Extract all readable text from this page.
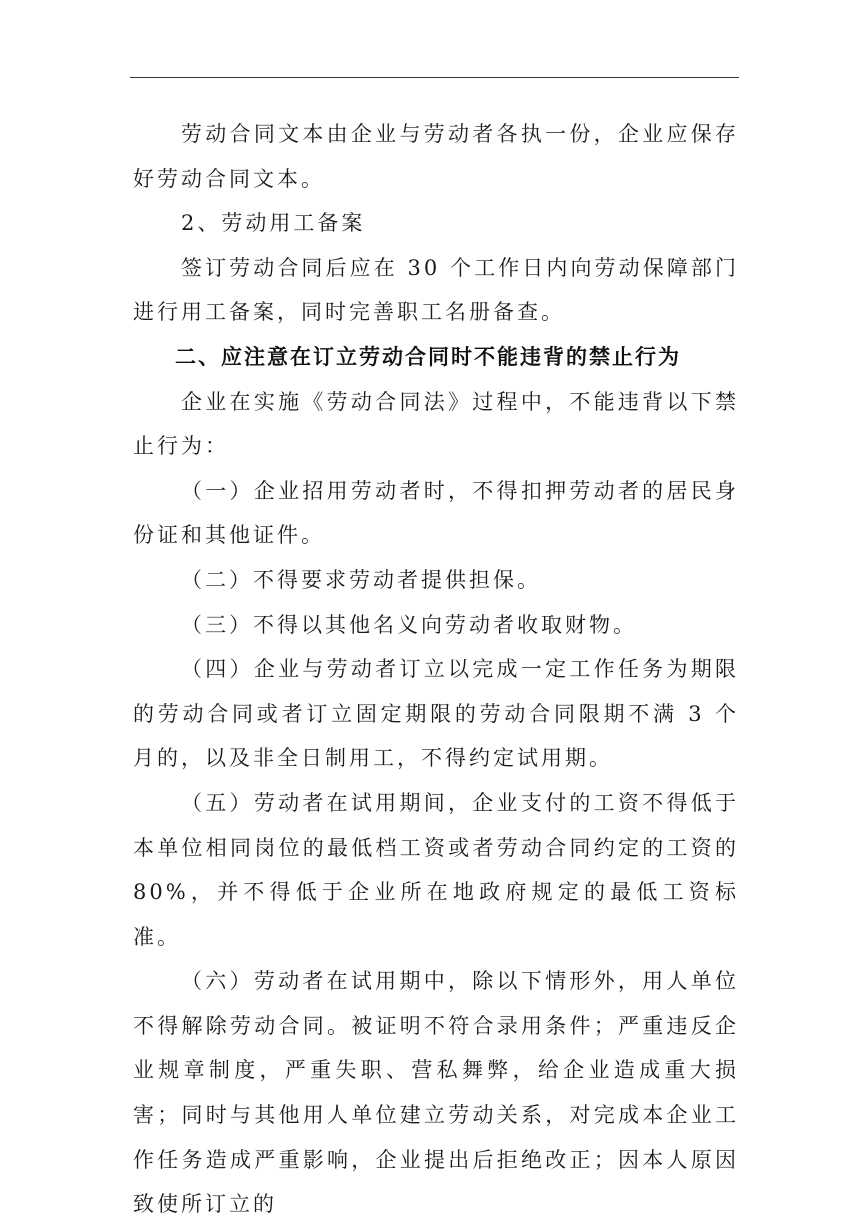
劳动合同文本由企业与劳动者各执一份，企业应保存好劳动合同文本。

2、劳动用工备案

签订劳动合同后应在 30 个工作日内向劳动保障部门进行用工备案，同时完善职工名册备查。

二、应注意在订立劳动合同时不能违背的禁止行为

企业在实施《劳动合同法》过程中，不能违背以下禁止行为：

（一）企业招用劳动者时，不得扣押劳动者的居民身份证和其他证件。

（二）不得要求劳动者提供担保。

（三）不得以其他名义向劳动者收取财物。

（四）企业与劳动者订立以完成一定工作任务为期限的劳动合同或者订立固定期限的劳动合同限期不满 3 个月的，以及非全日制用工，不得约定试用期。

（五）劳动者在试用期间，企业支付的工资不得低于本单位相同岗位的最低档工资或者劳动合同约定的工资的 80%，并不得低于企业所在地政府规定的最低工资标准。

（六）劳动者在试用期中，除以下情形外，用人单位不得解除劳动合同。被证明不符合录用条件；严重违反企业规章制度，严重失职、营私舞弊，给企业造成重大损害；同时与其他用人单位建立劳动关系，对完成本企业工作任务造成严重影响，企业提出后拒绝改正；因本人原因致使所订立的
